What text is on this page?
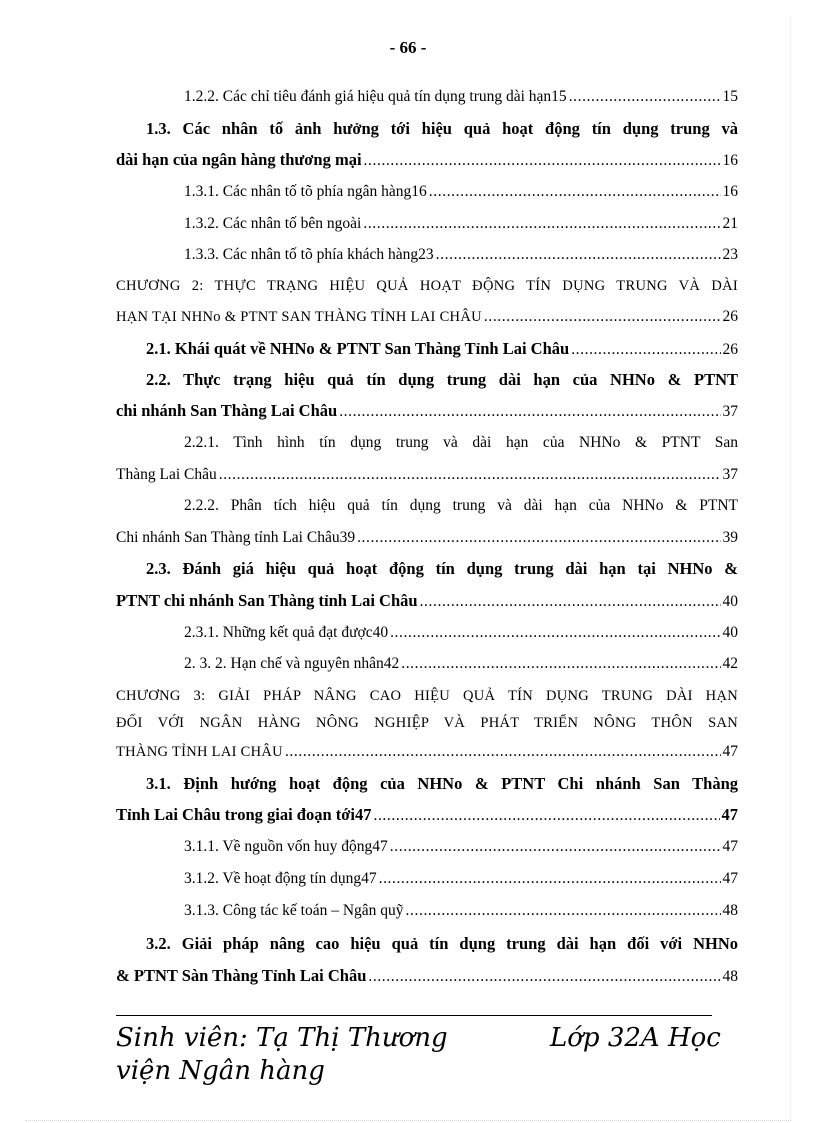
- 66 -
1.2.2. Các chỉ tiêu đánh giá hiệu quả tín dụng trung dài hạn15 .....	15
1.3. Các nhân tố ảnh hưởng tới hiệu quả hoạt động tín dụng trung và
dài hạn của ngân hàng thương mại .....	16
1.3.1. Các nhân tố tõ phía ngân hàng16 .....	16
1.3.2. Các nhân tố bên ngoài .....	21
1.3.3. Các nhân tố tõ phía khách hàng23 .....	23
CHƯƠNG 2: THỰC TRẠNG HIỆU QUẢ HOẠT ĐỘNG TÍN DỤNG TRUNG VÀ DÀI
HẠN TẠI NHNo & PTNT SAN THÀNG TỈNH LAI CHÂU .....	26
2.1. Khái quát về NHNo & PTNT San Thàng Tỉnh Lai Châu .....	26
2.2. Thực trạng hiệu quả tín dụng trung dài hạn của NHNo & PTNT
chi nhánh San Thàng Lai Châu .....	37
2.2.1. Tình hình tín dụng trung và dài hạn của NHNo & PTNT San
Thàng Lai Châu .....	37
2.2.2. Phân tích hiệu quả tín dụng trung và dài hạn của NHNo & PTNT
Chi nhánh San Thàng tỉnh Lai Châu39 .....	39
2.3. Đánh giá hiệu quả hoạt động tín dụng trung dài hạn tại NHNo &
PTNT chi nhánh San Thàng tỉnh Lai Châu .....	40
2.3.1. Những kết quả đạt được40 .....	40
2. 3. 2. Hạn chế và nguyên nhân42 .....	42
CHƯƠNG 3: GIẢI PHÁP NÂNG CAO HIỆU QUẢ TÍN DỤNG TRUNG DÀI HẠN
ĐỐI VỚI NGÂN HÀNG NÔNG NGHIỆP VÀ PHÁT TRIỂN NÔNG THÔN SAN
THÀNG TỈNH LAI CHÂU .....	47
3.1. Định hướng hoạt động của NHNo & PTNT Chi nhánh San Thàng
Tỉnh Lai Châu trong giai đoạn tới47 .....	47
3.1.1. Về nguồn vốn huy động47 .....	47
3.1.2. Về hoạt động tín dụng47 .....	47
3.1.3. Công tác kế toán – Ngân quỹ .....	48
3.2. Giải pháp nâng cao hiệu quả tín dụng trung dài hạn đối với NHNo
& PTNT Sàn Thàng Tỉnh Lai Châu .....	48
Sinh viên: Tạ Thị Thương	Lớp 32A Học
viện Ngân hàng
